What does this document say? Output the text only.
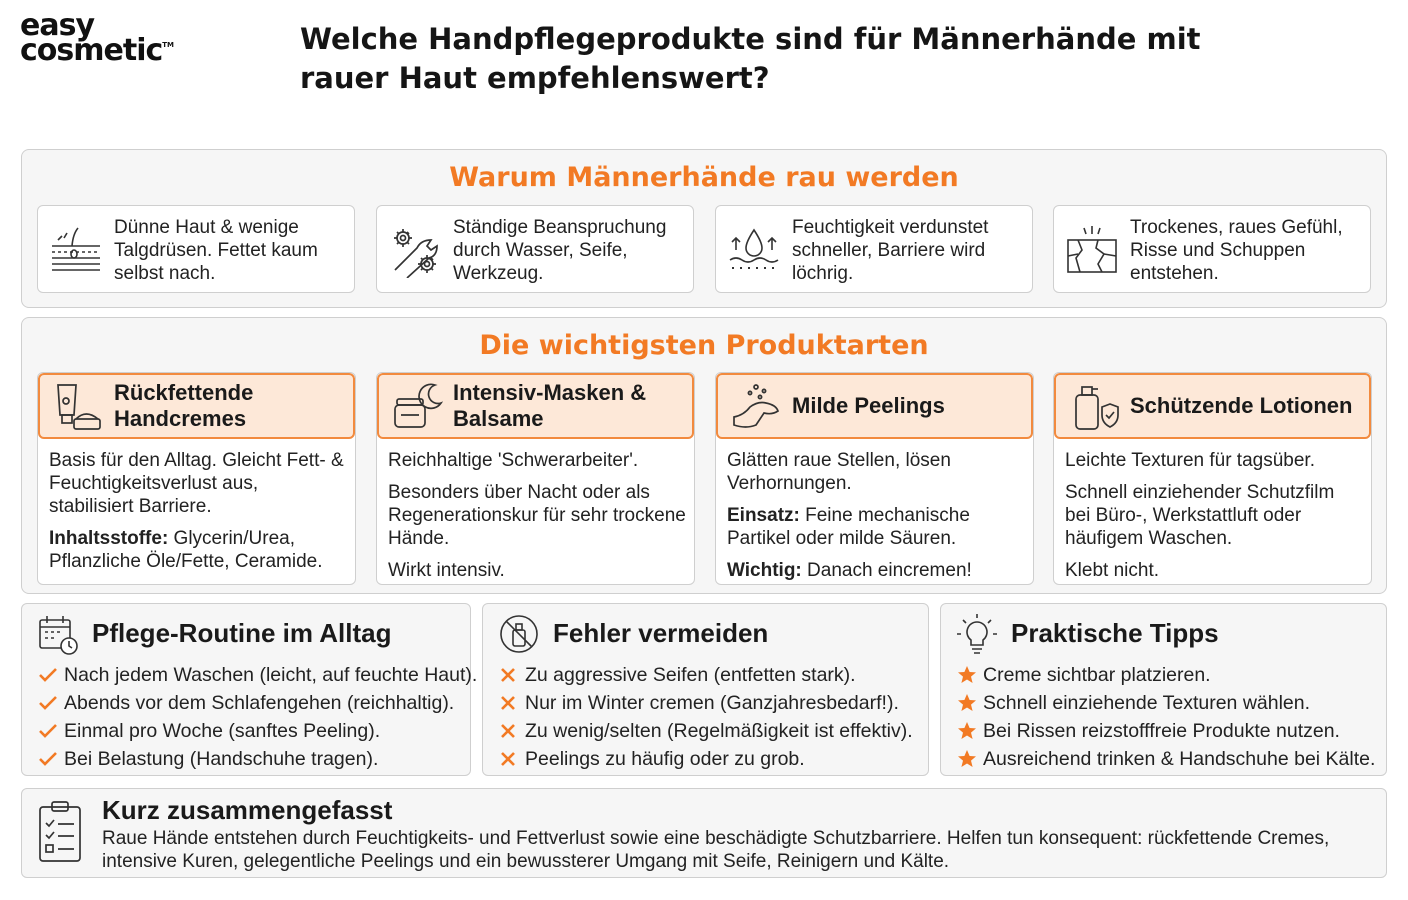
easy
cosmetic™	Welche Handpflegeprodukte sind für Männerhände mit rauer Haut empfehlenswert?
Warum Männerhände rau werden
Dünne Haut & wenige Talgdrüsen. Fettet kaum selbst nach.
Ständige Beanspruchung durch Wasser, Seife, Werkzeug.
Feuchtigkeit verdunstet schneller, Barriere wird löchrig.
Trockenes, raues Gefühl, Risse und Schuppen entstehen.
Die wichtigsten Produktarten
Rückfettende Handcremes

Basis für den Alltag. Gleicht Fett- & Feuchtigkeitsverlust aus, stabilisiert Barriere.

Inhaltsstoffe: Glycerin/Urea, Pflanzliche Öle/Fette, Ceramide.

Intensiv-Masken & Balsame

Reichhaltige 'Schwerarbeiter'.

Besonders über Nacht oder als Regenerationskur für sehr trockene Hände.

Wirkt intensiv.

Milde Peelings

Glätten raue Stellen, lösen Verhornungen.

Einsatz: Feine mechanische Partikel oder milde Säuren.

Wichtig: Danach eincremen!

Schützende Lotionen

Leichte Texturen für tagsüber.

Schnell einziehender Schutzfilm bei Büro-, Werkstattluft oder häufigem Waschen.

Klebt nicht.

Pflege-Routine im Alltag
Nach jedem Waschen (leicht, auf feuchte Haut).
Abends vor dem Schlafengehen (reichhaltig).
Einmal pro Woche (sanftes Peeling).
Bei Belastung (Handschuhe tragen).
Fehler vermeiden
Zu aggressive Seifen (entfetten stark).
Nur im Winter cremen (Ganzjahresbedarf!).
Zu wenig/selten (Regelmäßigkeit ist effektiv).
Peelings zu häufig oder zu grob.
Praktische Tipps
Creme sichtbar platzieren.
Schnell einziehende Texturen wählen.
Bei Rissen reizstofffreie Produkte nutzen.
Ausreichend trinken & Handschuhe bei Kälte.
Kurz zusammengefasst
Raue Hände entstehen durch Feuchtigkeits- und Fettverlust sowie eine beschädigte Schutzbarriere. Helfen tun konsequent: rückfettende Cremes, intensive Kuren, gelegentliche Peelings und ein bewussterer Umgang mit Seife, Reinigern und Kälte.
